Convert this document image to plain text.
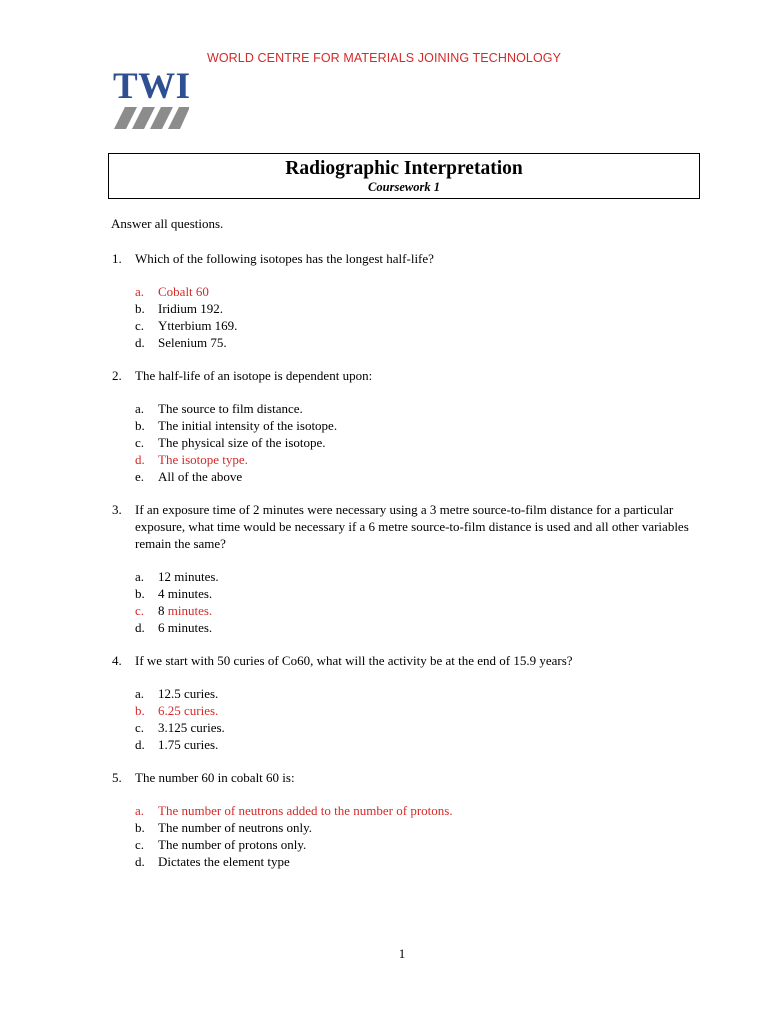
WORLD CENTRE FOR MATERIALS JOINING TECHNOLOGY
TWI
Radiographic Interpretation
Coursework 1
Answer all questions.
1.	Which of the following isotopes has the longest half-life?
a.	Cobalt 60
b.	Iridium 192.
c.	Ytterbium 169.
d.	Selenium 75.
2.	The half-life of an isotope is dependent upon:
a.	The source to film distance.
b.	The initial intensity of the isotope.
c.	The physical size of the isotope.
d.	The isotope type.
e.	All of the above
3.	If an exposure time of 2 minutes were necessary using a 3 metre source-to-film distance for a particular exposure, what time would be necessary if a 6 metre source-to-film distance is used and all other variables remain the same?
a.	12 minutes.
b.	4 minutes.
c.	8 minutes.
d.	6 minutes.
4.	If we start with 50 curies of Co60, what will the activity be at the end of 15.9 years?
a.	12.5 curies.
b.	6.25 curies.
c.	3.125 curies.
d.	1.75 curies.
5.	The number 60 in cobalt 60 is:
a.	The number of neutrons added to the number of protons.
b.	The number of neutrons only.
c.	The number of protons only.
d.	Dictates the element type
1
